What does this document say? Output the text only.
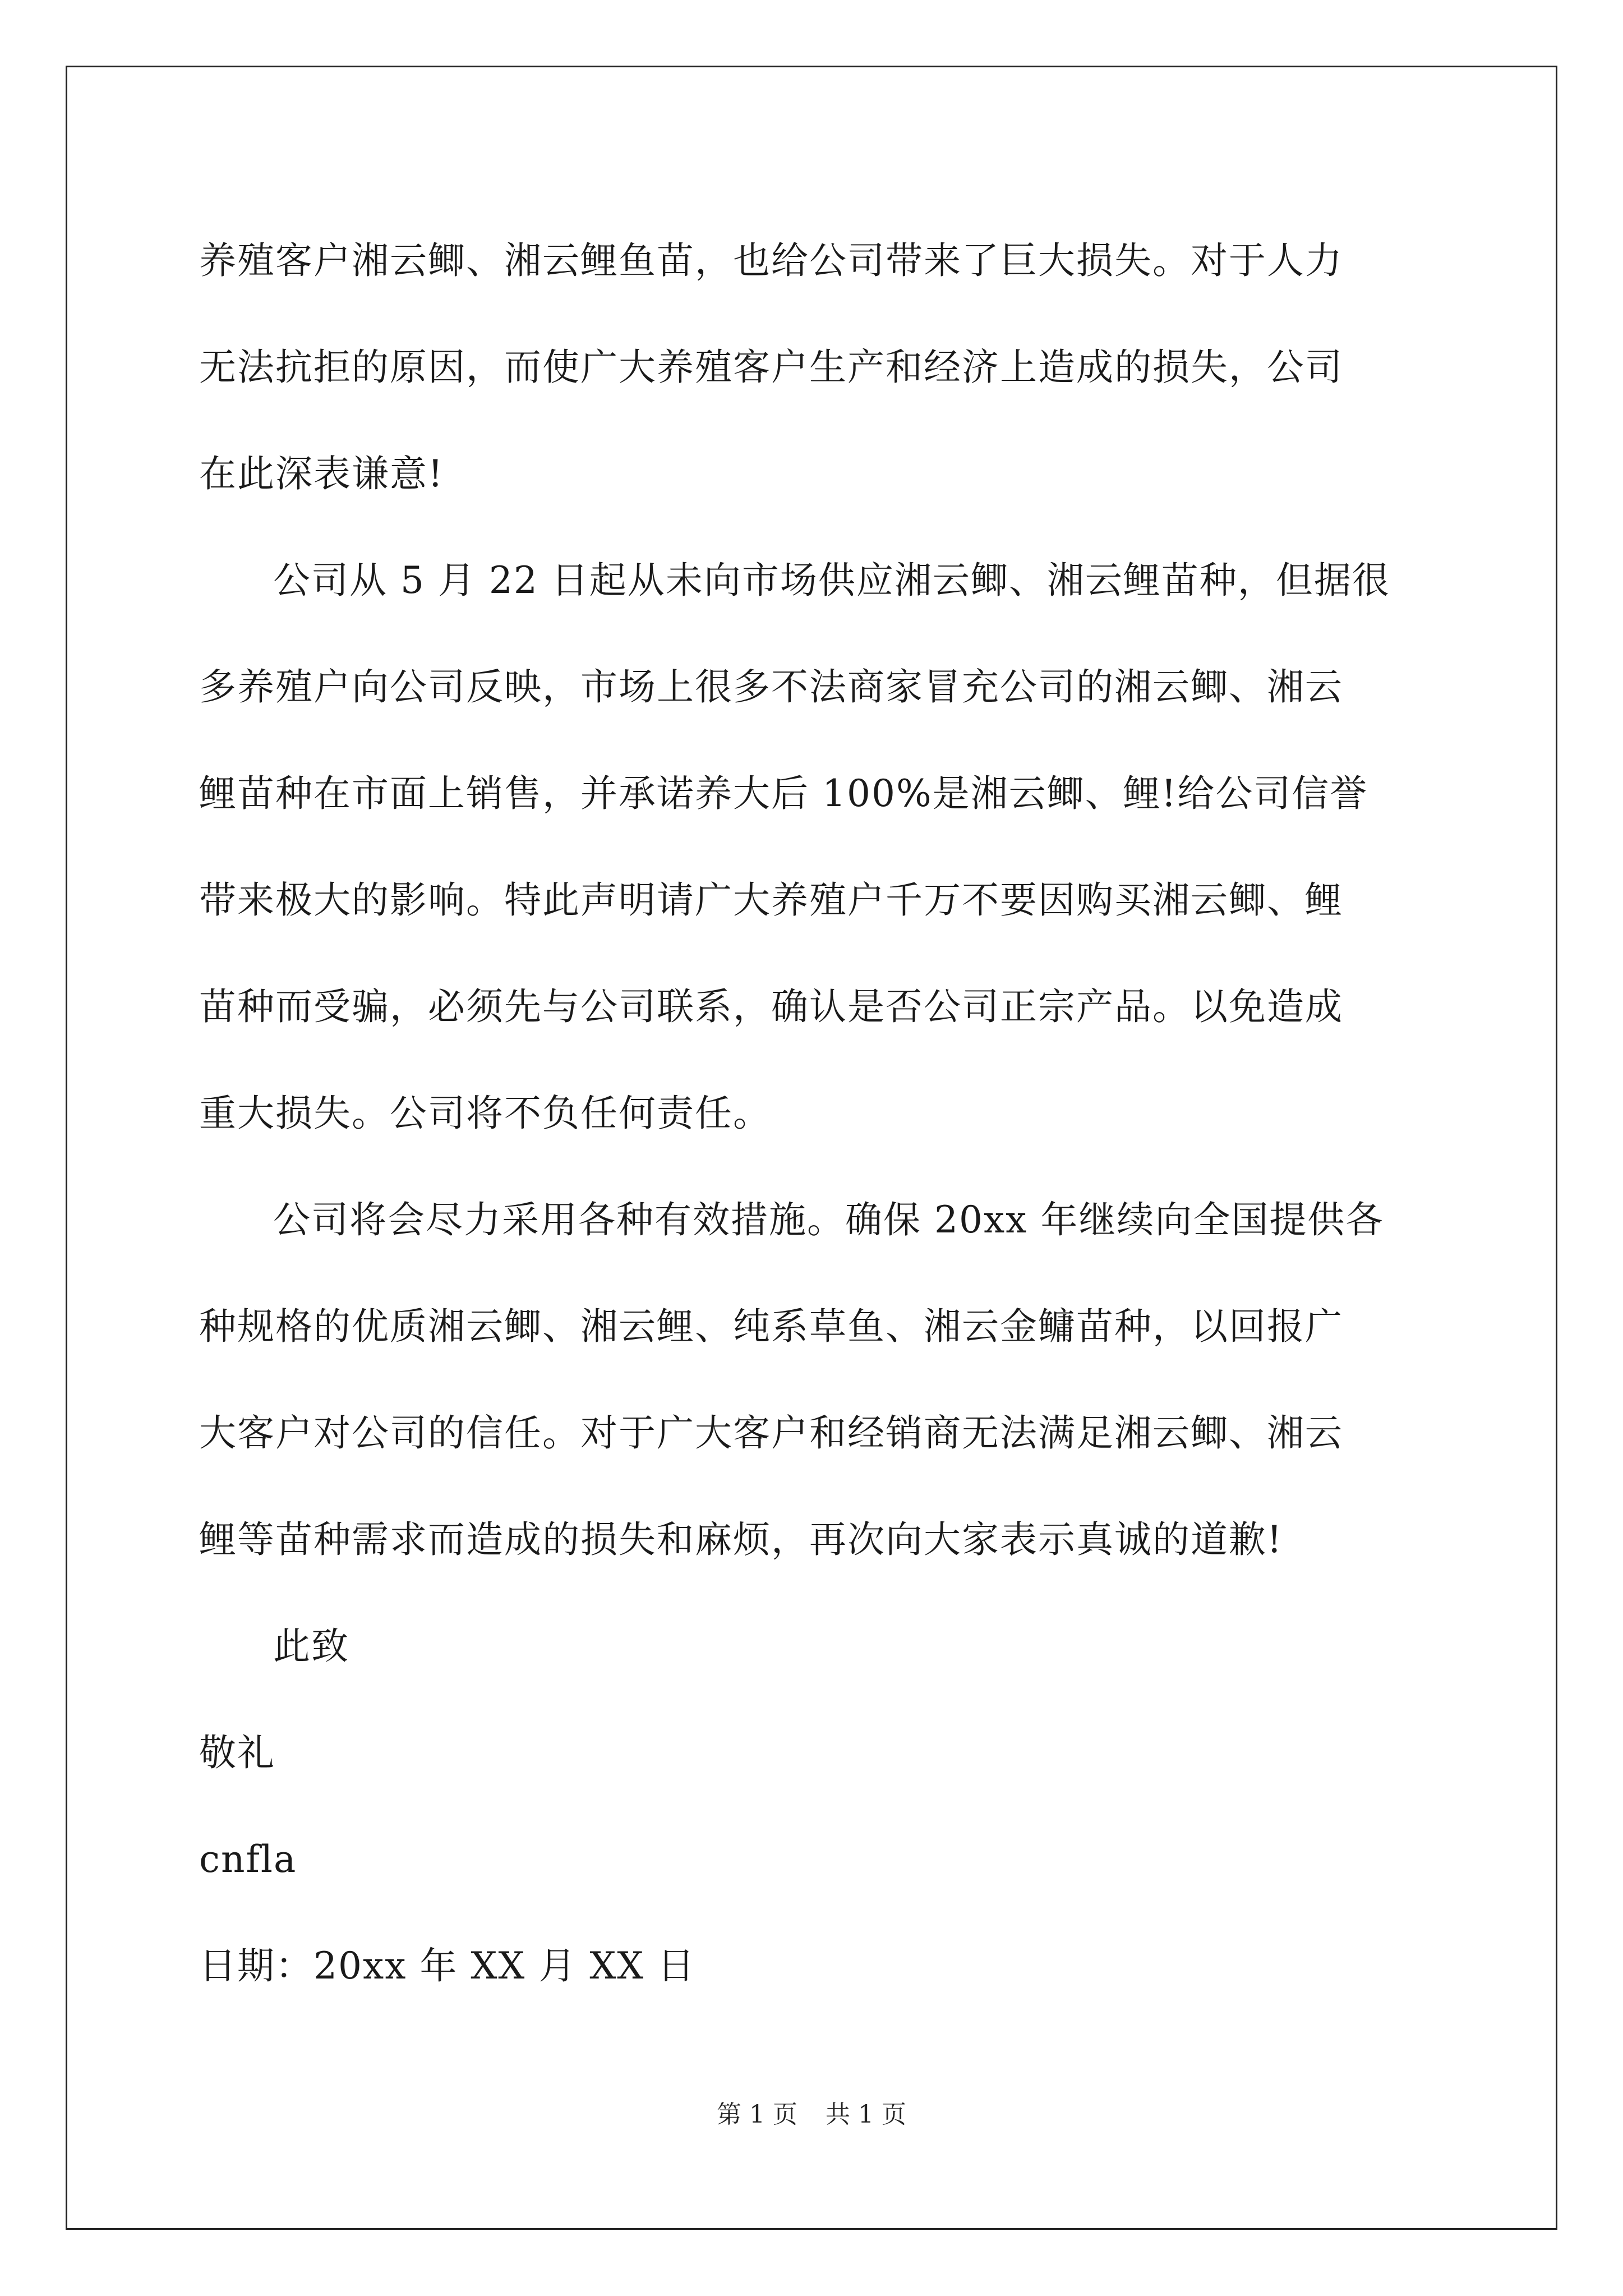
养殖客户湘云鲫、湘云鲤鱼苗，也给公司带来了巨大损失。对于人力
无法抗拒的原因，而使广大养殖客户生产和经济上造成的损失，公司
在此深表谦意!
公司从 5 月 22 日起从未向市场供应湘云鲫、湘云鲤苗种，但据很
多养殖户向公司反映，市场上很多不法商家冒充公司的湘云鲫、湘云
鲤苗种在市面上销售，并承诺养大后 100%是湘云鲫、鲤!给公司信誉
带来极大的影响。特此声明请广大养殖户千万不要因购买湘云鲫、鲤
苗种而受骗，必须先与公司联系，确认是否公司正宗产品。以免造成
重大损失。公司将不负任何责任。
公司将会尽力采用各种有效措施。确保 20xx 年继续向全国提供各
种规格的优质湘云鲫、湘云鲤、纯系草鱼、湘云金鳙苗种，以回报广
大客户对公司的信任。对于广大客户和经销商无法满足湘云鲫、湘云
鲤等苗种需求而造成的损失和麻烦，再次向大家表示真诚的道歉!
此致
敬礼
cnfla
日期：20xx 年 XX 月 XX 日
第 1 页 共 1 页
